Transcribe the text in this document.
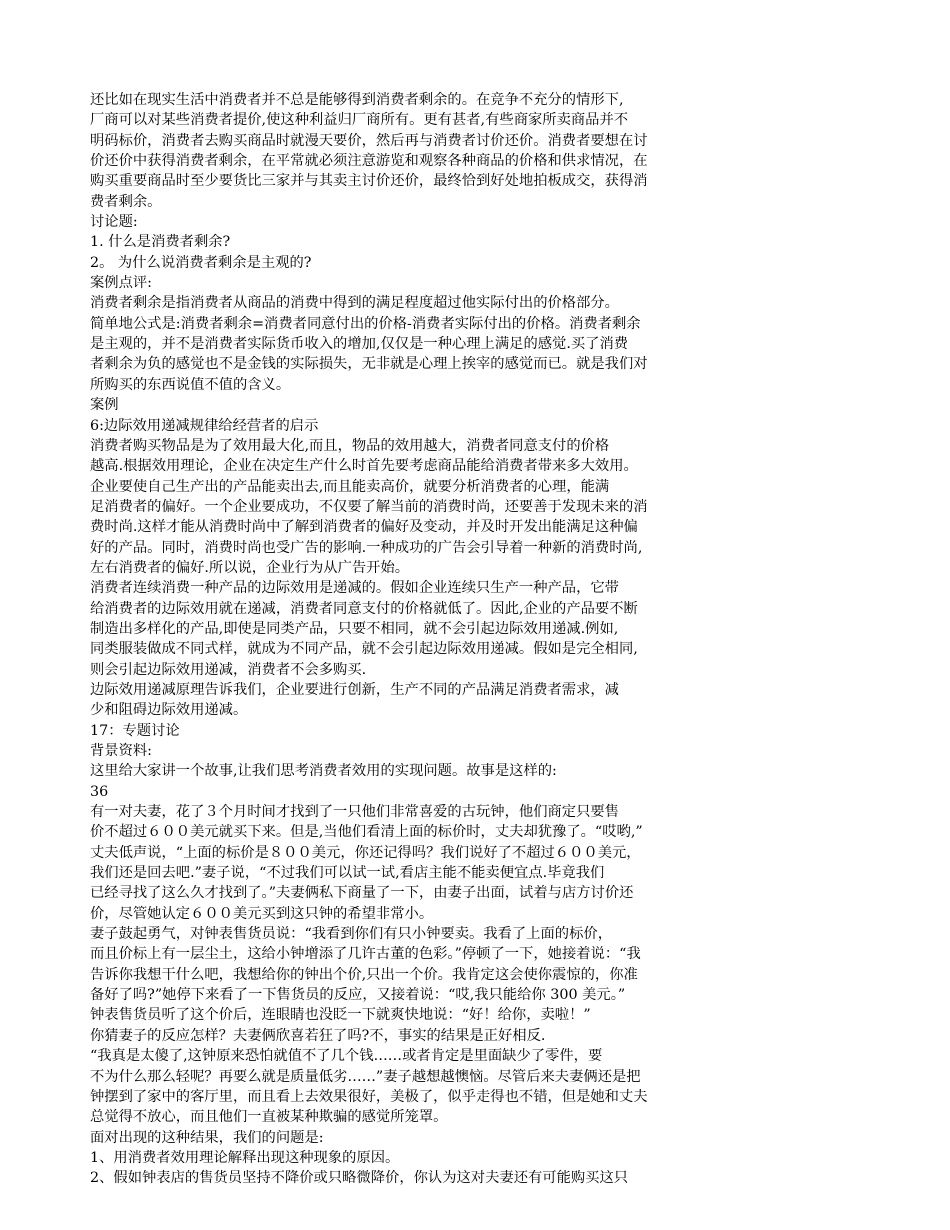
还比如在现实生活中消费者并不总是能够得到消费者剩余的。在竞争不充分的情形下,
厂商可以对某些消费者提价,使这种利益归厂商所有。更有甚者,有些商家所卖商品并不
明码标价，消费者去购买商品时就漫天要价，然后再与消费者讨价还价。消费者要想在讨
价还价中获得消费者剩余，在平常就必须注意游览和观察各种商品的价格和供求情况，在
购买重要商品时至少要货比三家并与其卖主讨价还价，最终恰到好处地拍板成交，获得消
费者剩余。
讨论题:
1. 什么是消费者剩余?
2。 为什么说消费者剩余是主观的?
案例点评:
消费者剩余是指消费者从商品的消费中得到的满足程度超过他实际付出的价格部分。
简单地公式是:消费者剩余=消费者同意付出的价格-消费者实际付出的价格。消费者剩余
是主观的，并不是消费者实际货币收入的增加,仅仅是一种心理上满足的感觉.买了消费
者剩余为负的感觉也不是金钱的实际损失，无非就是心理上挨宰的感觉而已。就是我们对
所购买的东西说值不值的含义。
案例
6:边际效用递减规律给经营者的启示
消费者购买物品是为了效用最大化,而且，物品的效用越大，消费者同意支付的价格
越高.根据效用理论，企业在决定生产什么时首先要考虑商品能给消费者带来多大效用。
企业要使自己生产出的产品能卖出去,而且能卖高价，就要分析消费者的心理，能满
足消费者的偏好。一个企业要成功，不仅要了解当前的消费时尚，还要善于发现未来的消
费时尚.这样才能从消费时尚中了解到消费者的偏好及变动，并及时开发出能满足这种偏
好的产品。同时，消费时尚也受广告的影响.一种成功的广告会引导着一种新的消费时尚,
左右消费者的偏好.所以说，企业行为从广告开始。
消费者连续消费一种产品的边际效用是递减的。假如企业连续只生产一种产品，它带
给消费者的边际效用就在递减，消费者同意支付的价格就低了。因此,企业的产品要不断
制造出多样化的产品,即使是同类产品，只要不相同，就不会引起边际效用递减.例如,
同类服装做成不同式样，就成为不同产品，就不会引起边际效用递减。假如是完全相同,
则会引起边际效用递减，消费者不会多购买.
边际效用递减原理告诉我们，企业要进行创新，生产不同的产品满足消费者需求，减
少和阻碍边际效用递减。
17：专题讨论
背景资料:
这里给大家讲一个故事,让我们思考消费者效用的实现问题。故事是这样的:
36
有一对夫妻，花了３个月时间才找到了一只他们非常喜爱的古玩钟，他们商定只要售
价不超过６００美元就买下来。但是,当他们看清上面的标价时，丈夫却犹豫了。“哎哟,”
丈夫低声说，“上面的标价是８００美元，你还记得吗？我们说好了不超过６００美元，
我们还是回去吧.”妻子说，“不过我们可以试一试,看店主能不能卖便宜点.毕竟我们
已经寻找了这么久才找到了。”夫妻俩私下商量了一下，由妻子出面，试着与店方讨价还
价，尽管她认定６００美元买到这只钟的希望非常小。
妻子鼓起勇气，对钟表售货员说：“我看到你们有只小钟要卖。我看了上面的标价，
而且价标上有一层尘土，这给小钟增添了几许古董的色彩。”停顿了一下，她接着说：“我
告诉你我想干什么吧，我想给你的钟出个价,只出一个价。我肯定这会使你震惊的，你准
备好了吗?”她停下来看了一下售货员的反应，又接着说：“哎,我只能给你 300 美元。”
钟表售货员听了这个价后，连眼睛也没眨一下就爽快地说：“好！给你，卖啦！”
你猜妻子的反应怎样？夫妻俩欣喜若狂了吗?不，事实的结果是正好相反.
“我真是太傻了,这钟原来恐怕就值不了几个钱……或者肯定是里面缺少了零件，要
不为什么那么轻呢？再要么就是质量低劣……”妻子越想越懊恼。尽管后来夫妻俩还是把
钟摆到了家中的客厅里，而且看上去效果很好，美极了，似乎走得也不错，但是她和丈夫
总觉得不放心，而且他们一直被某种欺骗的感觉所笼罩。
面对出现的这种结果，我们的问题是:
1、用消费者效用理论解释出现这种现象的原因。
2、假如钟表店的售货员坚持不降价或只略微降价，你认为这对夫妻还有可能购买这只
